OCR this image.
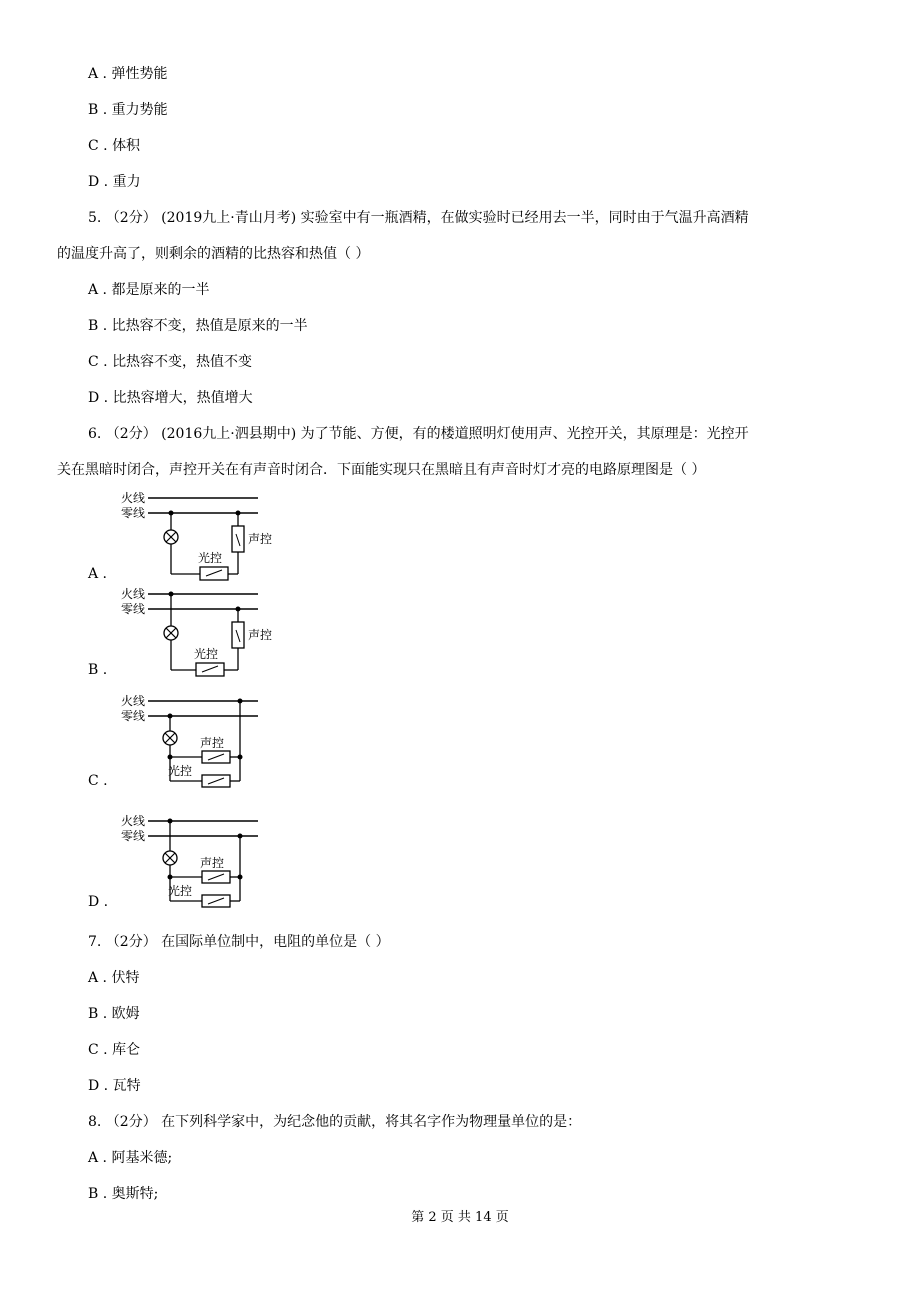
A . 弹性势能
B . 重力势能
C . 体积
D . 重力
5. （2分） (2019九上·青山月考) 实验室中有一瓶酒精，在做实验时已经用去一半，同时由于气温升高酒精
的温度升高了，则剩余的酒精的比热容和热值（ ）
A . 都是原来的一半
B . 比热容不变，热值是原来的一半
C . 比热容不变，热值不变
D . 比热容增大，热值增大
6. （2分） (2016九上·泗县期中) 为了节能、方便，有的楼道照明灯使用声、光控开关，其原理是：光控开
关在黑暗时闭合，声控开关在有声音时闭合．下面能实现只在黑暗且有声音时灯才亮的电路原理图是（ ）
A .
火线
零线
光控
声控
B .
火线
零线
光控
声控
C .
火线
零线
声控
光控
D .
火线
零线
声控
光控
7. （2分） 在国际单位制中，电阻的单位是（ ）
A . 伏特
B . 欧姆
C . 库仑
D . 瓦特
8. （2分） 在下列科学家中，为纪念他的贡献，将其名字作为物理量单位的是：
A . 阿基米德;
B . 奥斯特;
第 2 页 共 14 页
